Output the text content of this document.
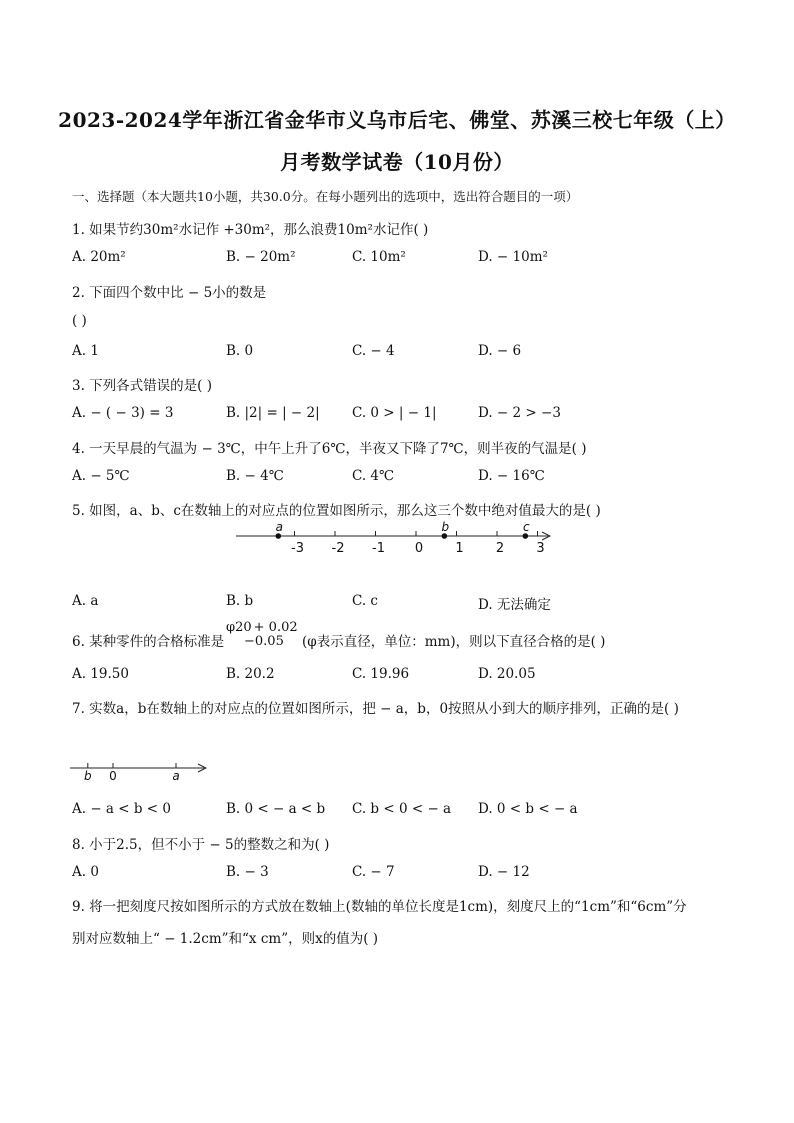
2023-2024学年浙江省金华市义乌市后宅、佛堂、苏溪三校七年级（上）
月考数学试卷（10月份）
一、选择题（本大题共10小题，共30.0分。在每小题列出的选项中，选出符合题目的一项）
1. 如果节约30m²水记作 +30m²，那么浪费10m²水记作( )
A. 20m²	B. − 20m²	C. 10m²	D. − 10m²
2. 下面四个数中比 − 5小的数是
( )
A. 1	B. 0	C. − 4	D. − 6
3. 下列各式错误的是( )
A. − ( − 3) = 3	B. |2| = | − 2| C. 0 > | − 1|	D. − 2 > −3
4. 一天早晨的气温为 − 3℃，中午上升了6℃，半夜又下降了7℃，则半夜的气温是( )
A. − 5℃	B. − 4℃	C. 4℃	D. − 16℃
5. 如图，a、b、c在数轴上的对应点的位置如图所示，那么这三个数中绝对值最大的是( )
-3 -2 -1 0 1 2 3
a	b	c
A. a	B. b	C. c	D. 无法确定
6. 某种零件的合格标准是
φ20 + 0.02
−0.05	(φ表示直径，单位：mm)，则以下直径合格的是( )
A. 19.50	B. 20.2	C. 19.96	D. 20.05
7. 实数a，b在数轴上的对应点的位置如图所示，把 − a，b，0按照从小到大的顺序排列，正确的是( )
b 0	a
A. − a < b < 0	B. 0 < − a < b C. b < 0 < − a D. 0 < b < − a
8. 小于2.5，但不小于 − 5的整数之和为( )
A. 0	B. − 3	C. − 7	D. − 12
9. 将一把刻度尺按如图所示的方式放在数轴上(数轴的单位长度是1cm)，刻度尺上的“1cm”和“6cm”分
别对应数轴上“ − 1.2cm”和“x cm”，则x的值为( )
